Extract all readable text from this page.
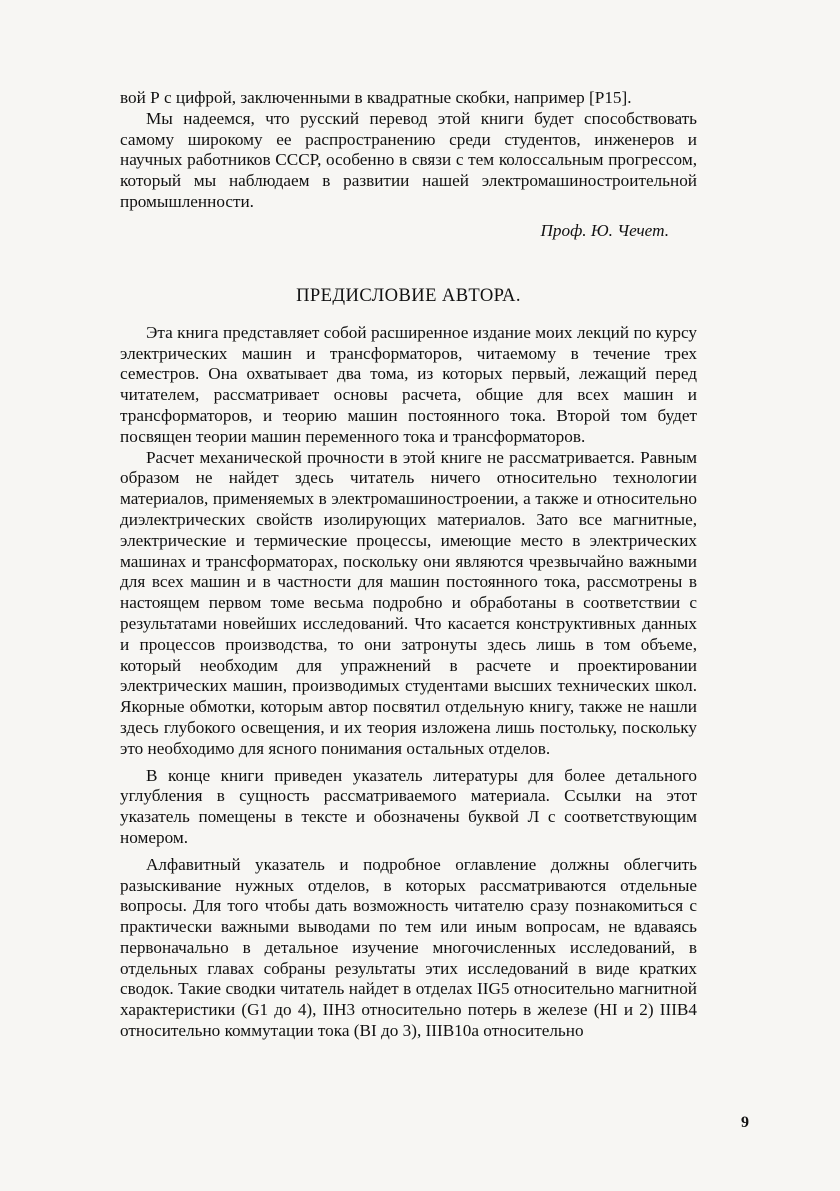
вой Р с цифрой, заключенными в квадратные скобки, например [Р15].

Мы надеемся, что русский перевод этой книги будет способствовать самому широкому ее распространению среди студентов, инженеров и научных работников СССР, особенно в связи с тем колоссальным прогрессом, который мы наблюдаем в развитии нашей электромашиностроительной промышленности.

Проф. Ю. Чечет.
ПРЕДИСЛОВИЕ АВТОРА.

Эта книга представляет собой расширенное издание моих лекций по курсу электрических машин и трансформаторов, читаемому в течение трех семестров. Она охватывает два тома, из которых первый, лежащий перед читателем, рассматривает основы расчета, общие для всех машин и трансформаторов, и теорию машин постоянного тока. Второй том будет посвящен теории машин переменного тока и трансформаторов.

Расчет механической прочности в этой книге не рассматривается. Равным образом не найдет здесь читатель ничего относительно технологии материалов, применяемых в электромашиностроении, а также и относительно диэлектрических свойств изолирующих материалов. Зато все магнитные, электрические и термические процессы, имеющие место в электрических машинах и трансформаторах, поскольку они являются чрезвычайно важными для всех машин и в частности для машин постоянного тока, рассмотрены в настоящем первом томе весьма подробно и обработаны в соответствии с результатами новейших исследований. Что касается конструктивных данных и процессов производства, то они затронуты здесь лишь в том объеме, который необходим для упражнений в расчете и проектировании электрических машин, производимых студентами высших технических школ. Якорные обмотки, которым автор посвятил отдельную книгу, также не нашли здесь глубокого освещения, и их теория изложена лишь постольку, поскольку это необходимо для ясного понимания остальных отделов.

В конце книги приведен указатель литературы для более детального углубления в сущность рассматриваемого материала. Ссылки на этот указатель помещены в тексте и обозначены буквой Л с соответствующим номером.

Алфавитный указатель и подробное оглавление должны облегчить разыскивание нужных отделов, в которых рассматриваются отдельные вопросы. Для того чтобы дать возможность читателю сразу познакомиться с практически важными выводами по тем или иным вопросам, не вдаваясь первоначально в детальное изучение многочисленных исследований, в отдельных главах собраны результаты этих исследований в виде кратких сводок. Такие сводки читатель найдет в отделах IIG5 относительно магнитной характеристики (G1 до 4), IIH3 относительно потерь в железе (HI и 2) IIIB4 относительно коммутации тока (BI до 3), IIIB10a относительно

9
